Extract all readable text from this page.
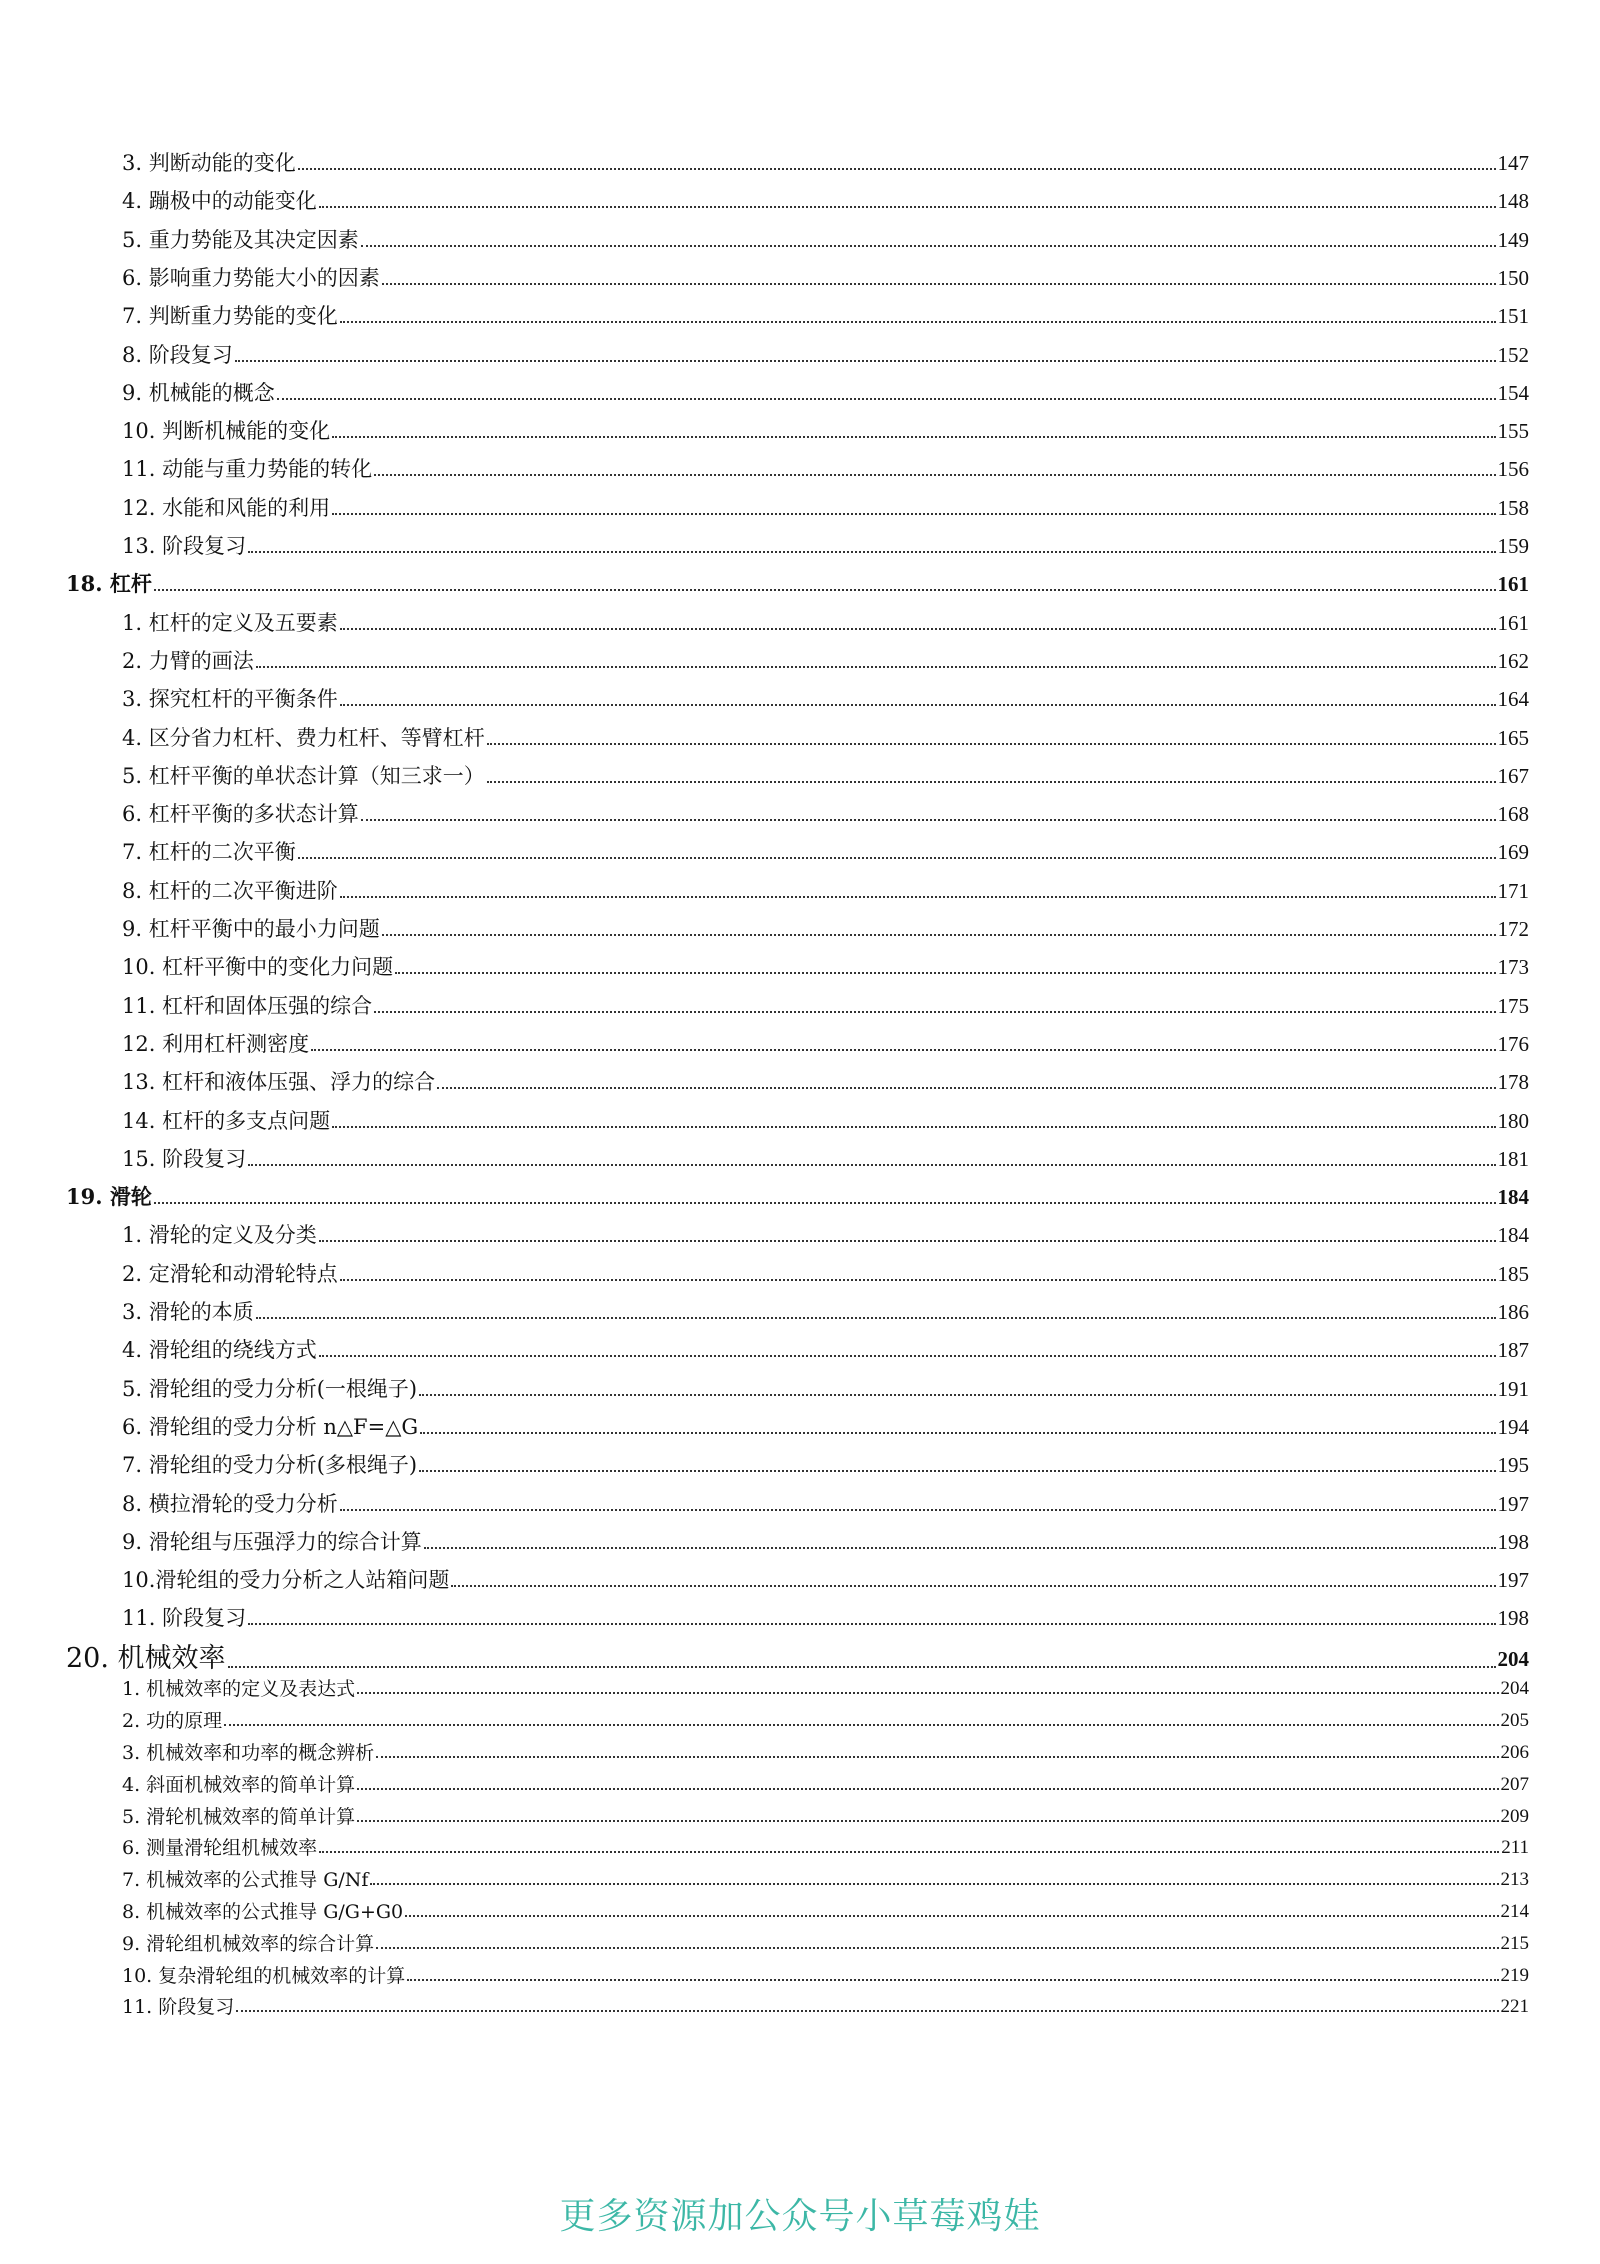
3. 判断动能的变化	147
4. 蹦极中的动能变化	148
5. 重力势能及其决定因素	149
6. 影响重力势能大小的因素	150
7. 判断重力势能的变化	151
8. 阶段复习	152
9. 机械能的概念	154
10. 判断机械能的变化	155
11. 动能与重力势能的转化	156
12. 水能和风能的利用	158
13. 阶段复习	159
18. 杠杆	161
1. 杠杆的定义及五要素	161
2. 力臂的画法	162
3. 探究杠杆的平衡条件	164
4. 区分省力杠杆、费力杠杆、等臂杠杆	165
5. 杠杆平衡的单状态计算（知三求一）	167
6. 杠杆平衡的多状态计算	168
7. 杠杆的二次平衡	169
8. 杠杆的二次平衡进阶	171
9. 杠杆平衡中的最小力问题	172
10. 杠杆平衡中的变化力问题	173
11. 杠杆和固体压强的综合	175
12. 利用杠杆测密度	176
13. 杠杆和液体压强、浮力的综合	178
14. 杠杆的多支点问题	180
15. 阶段复习	181
19. 滑轮	184
1. 滑轮的定义及分类	184
2. 定滑轮和动滑轮特点	185
3. 滑轮的本质	186
4. 滑轮组的绕线方式	187
5. 滑轮组的受力分析(一根绳子)	191
6. 滑轮组的受力分析 n△F=△G	194
7. 滑轮组的受力分析(多根绳子)	195
8. 横拉滑轮的受力分析	197
9. 滑轮组与压强浮力的综合计算	198
10.滑轮组的受力分析之人站箱问题	197
11. 阶段复习	198
20. 机械效率	204
1. 机械效率的定义及表达式	204
2. 功的原理	205
3. 机械效率和功率的概念辨析	206
4. 斜面机械效率的简单计算	207
5. 滑轮机械效率的简单计算	209
6. 测量滑轮组机械效率	211
7. 机械效率的公式推导 G/Nf	213
8. 机械效率的公式推导 G/G+G0	214
9. 滑轮组机械效率的综合计算	215
10. 复杂滑轮组的机械效率的计算	219
11. 阶段复习	221
更多资源加公众号小草莓鸡娃
